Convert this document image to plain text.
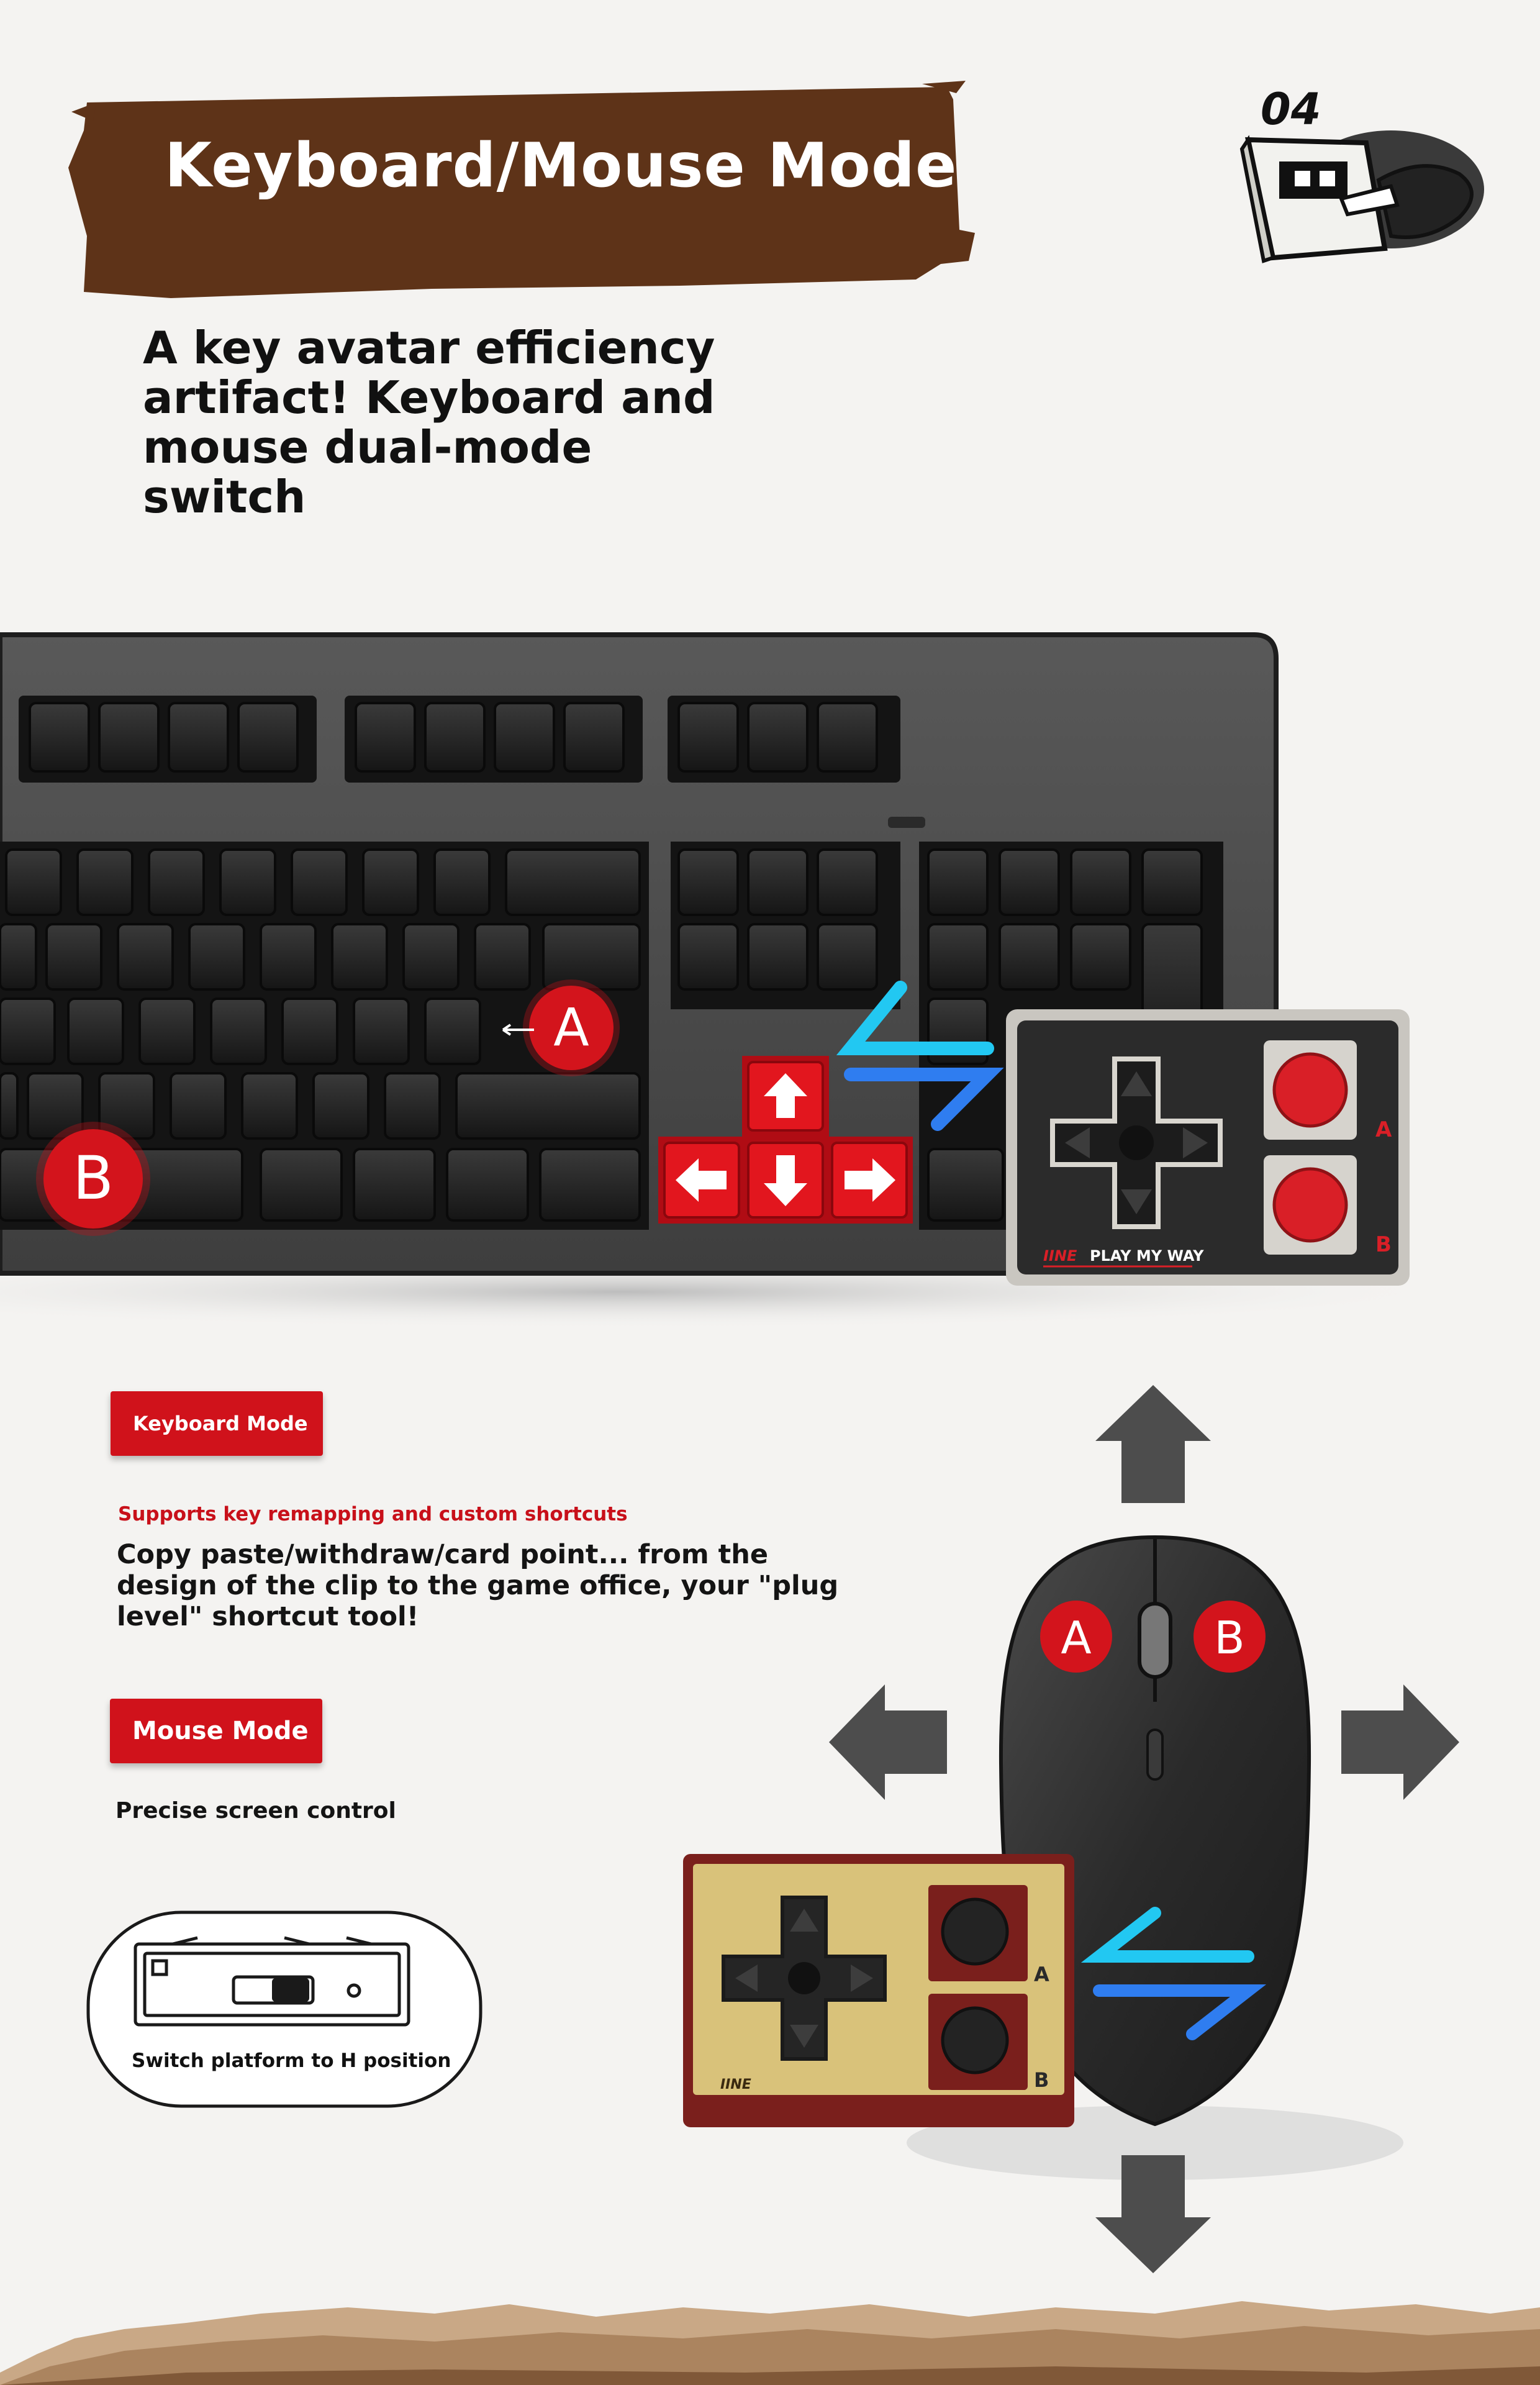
Keyboard/Mouse Mode
A key avatar efficiency artifact! Keyboard and mouse dual-mode switch
04
A
B
A
B
IINE PLAY MY WAY
Keyboard Mode
Supports key remapping and custom shortcuts
Copy paste/withdraw/card point... from the design of the clip to the game office, your "plug level" shortcut tool!
Mouse Mode
Precise screen control
Switch platform to H position
A	B
A
B
IINE
